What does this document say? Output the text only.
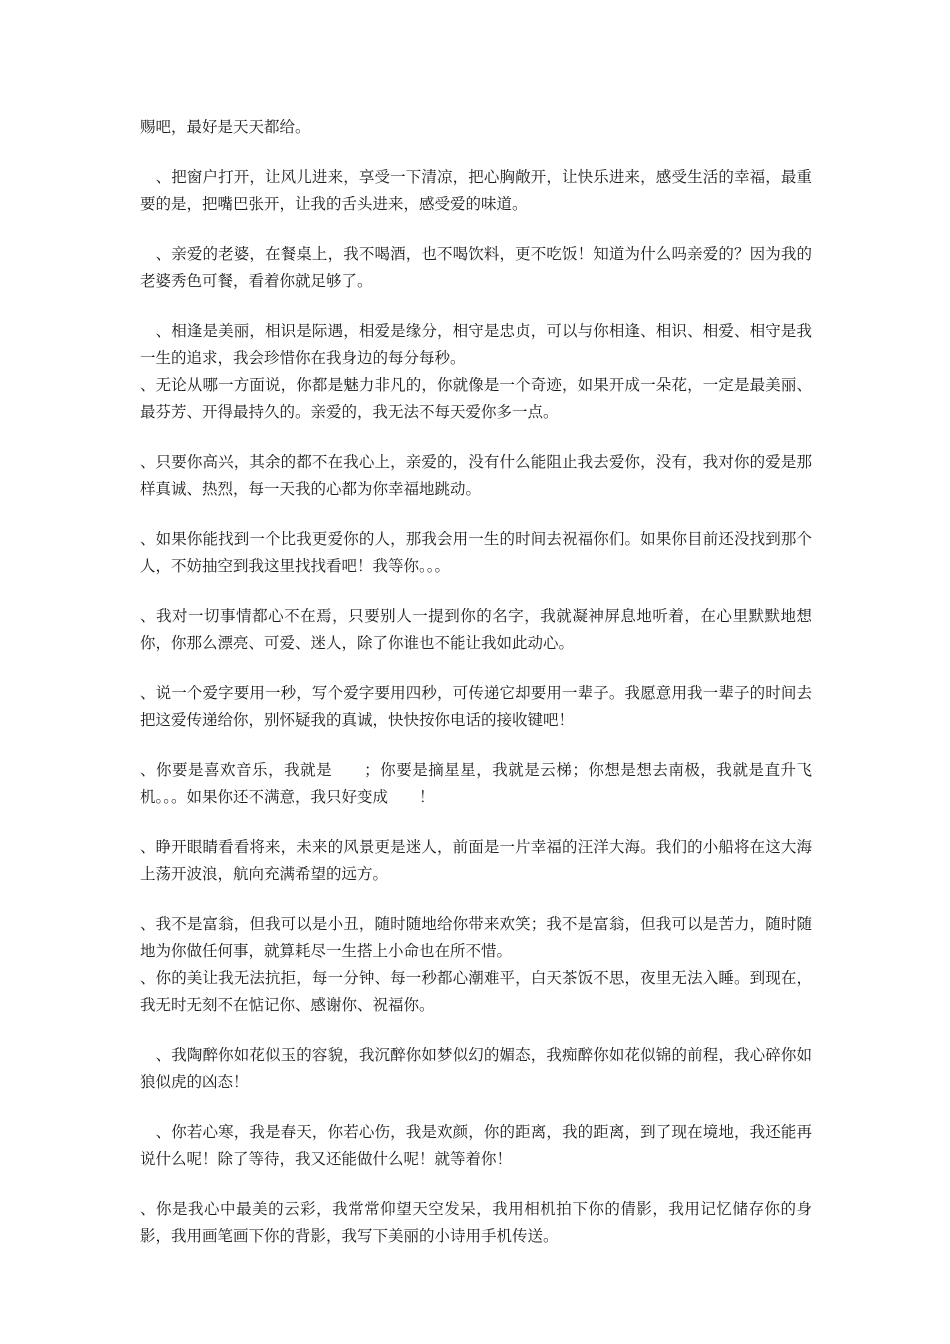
赐吧，最好是天天都给。

　、把窗户打开，让风儿进来，享受一下清凉，把心胸敞开，让快乐进来，感受生活的幸福，最重要的是，把嘴巴张开，让我的舌头进来，感受爱的味道。

　、亲爱的老婆，在餐桌上，我不喝酒，也不喝饮料，更不吃饭！知道为什么吗亲爱的？因为我的老婆秀色可餐，看着你就足够了。

　、相逢是美丽，相识是际遇，相爱是缘分，相守是忠贞，可以与你相逢、相识、相爱、相守是我一生的追求，我会珍惜你在我身边的每分每秒。

、无论从哪一方面说，你都是魅力非凡的，你就像是一个奇迹，如果开成一朵花，一定是最美丽、最芬芳、开得最持久的。亲爱的，我无法不每天爱你多一点。

、只要你高兴，其余的都不在我心上，亲爱的，没有什么能阻止我去爱你，没有，我对你的爱是那样真诚、热烈，每一天我的心都为你幸福地跳动。

、如果你能找到一个比我更爱你的人，那我会用一生的时间去祝福你们。如果你目前还没找到那个人，不妨抽空到我这里找找看吧！我等你。。。

、我对一切事情都心不在焉，只要别人一提到你的名字，我就凝神屏息地听着，在心里默默地想你，你那么漂亮、可爱、迷人，除了你谁也不能让我如此动心。

、说一个爱字要用一秒，写个爱字要用四秒，可传递它却要用一辈子。我愿意用我一辈子的时间去把这爱传递给你，别怀疑我的真诚，快快按你电话的接收键吧！

、你要是喜欢音乐，我就是　　；你要是摘星星，我就是云梯；你想是想去南极，我就是直升飞机。。。如果你还不满意，我只好变成　　！

、睁开眼睛看看将来，未来的风景更是迷人，前面是一片幸福的汪洋大海。我们的小船将在这大海上荡开波浪，航向充满希望的远方。

、我不是富翁，但我可以是小丑，随时随地给你带来欢笑；我不是富翁，但我可以是苦力，随时随地为你做任何事，就算耗尽一生搭上小命也在所不惜。

、你的美让我无法抗拒，每一分钟、每一秒都心潮难平，白天茶饭不思，夜里无法入睡。到现在，我无时无刻不在惦记你、感谢你、祝福你。

　、我陶醉你如花似玉的容貌，我沉醉你如梦似幻的媚态，我痴醉你如花似锦的前程，我心碎你如狼似虎的凶态！

　、你若心寒，我是春天，你若心伤，我是欢颜，你的距离，我的距离，到了现在境地，我还能再说什么呢！除了等待，我又还能做什么呢！就等着你！

、你是我心中最美的云彩，我常常仰望天空发呆，我用相机拍下你的倩影，我用记忆储存你的身影，我用画笔画下你的背影，我写下美丽的小诗用手机传送。
